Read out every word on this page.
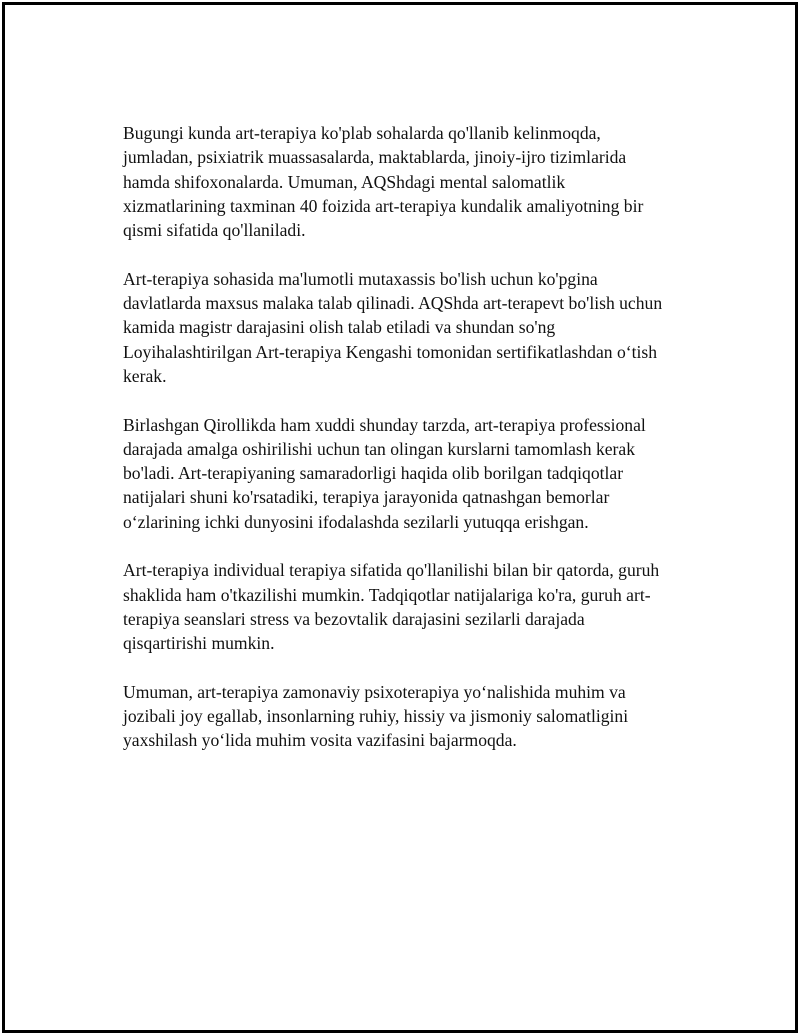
Bugungi kunda art-terapiya ko'plab sohalarda qo'llanib kelinmoqda,
jumladan, psixiatrik muassasalarda, maktablarda, jinoiy-ijro tizimlarida
hamda shifoxonalarda. Umuman, AQShdagi mental salomatlik
xizmatlarining taxminan 40 foizida art-terapiya kundalik amaliyotning bir
qismi sifatida qo'llaniladi.

Art-terapiya sohasida ma'lumotli mutaxassis bo'lish uchun ko'pgina
davlatlarda maxsus malaka talab qilinadi. AQShda art-terapevt bo'lish uchun
kamida magistr darajasini olish talab etiladi va shundan so'ng
Loyihalashtirilgan Art-terapiya Kengashi tomonidan sertifikatlashdan o‘tish
kerak.

Birlashgan Qirollikda ham xuddi shunday tarzda, art-terapiya professional
darajada amalga oshirilishi uchun tan olingan kurslarni tamomlash kerak
bo'ladi. Art-terapiyaning samaradorligi haqida olib borilgan tadqiqotlar
natijalari shuni ko'rsatadiki, terapiya jarayonida qatnashgan bemorlar
o‘zlarining ichki dunyosini ifodalashda sezilarli yutuqqa erishgan.

Art-terapiya individual terapiya sifatida qo'llanilishi bilan bir qatorda, guruh
shaklida ham o'tkazilishi mumkin. Tadqiqotlar natijalariga ko'ra, guruh art-
terapiya seanslari stress va bezovtalik darajasini sezilarli darajada
qisqartirishi mumkin.

Umuman, art-terapiya zamonaviy psixoterapiya yo‘nalishida muhim va
jozibali joy egallab, insonlarning ruhiy, hissiy va jismoniy salomatligini
yaxshilash yo‘lida muhim vosita vazifasini bajarmoqda.
